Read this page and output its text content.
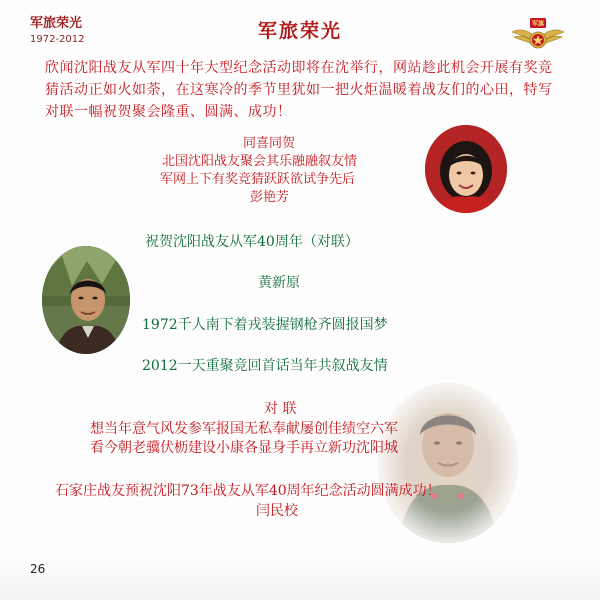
军旅荣光
1972-2012	军旅荣光	军旗
欣闻沈阳战友从军四十年大型纪念活动即将在沈举行，网站趁此机会开展有奖竞猜活动正如火如荼，在这寒冷的季节里犹如一把火炬温暖着战友们的心田，特写对联一幅祝贺聚会隆重、圆满、成功！
同喜同贺
北国沈阳战友聚会其乐融融叙友情
军网上下有奖竞猜跃跃欲试争先后
彭艳芳
祝贺沈阳战友从军40周年（对联）
黄新原
1972千人南下着戎装握钢枪齐圆报国梦
2012一天重聚竞回首话当年共叙战友情
对 联
想当年意气风发参军报国无私奉献屡创佳绩空六军
看今朝老骥伏枥建设小康各显身手再立新功沈阳城
石家庄战友预祝沈阳73年战友从军40周年纪念活动圆满成功！
闫民校
26
